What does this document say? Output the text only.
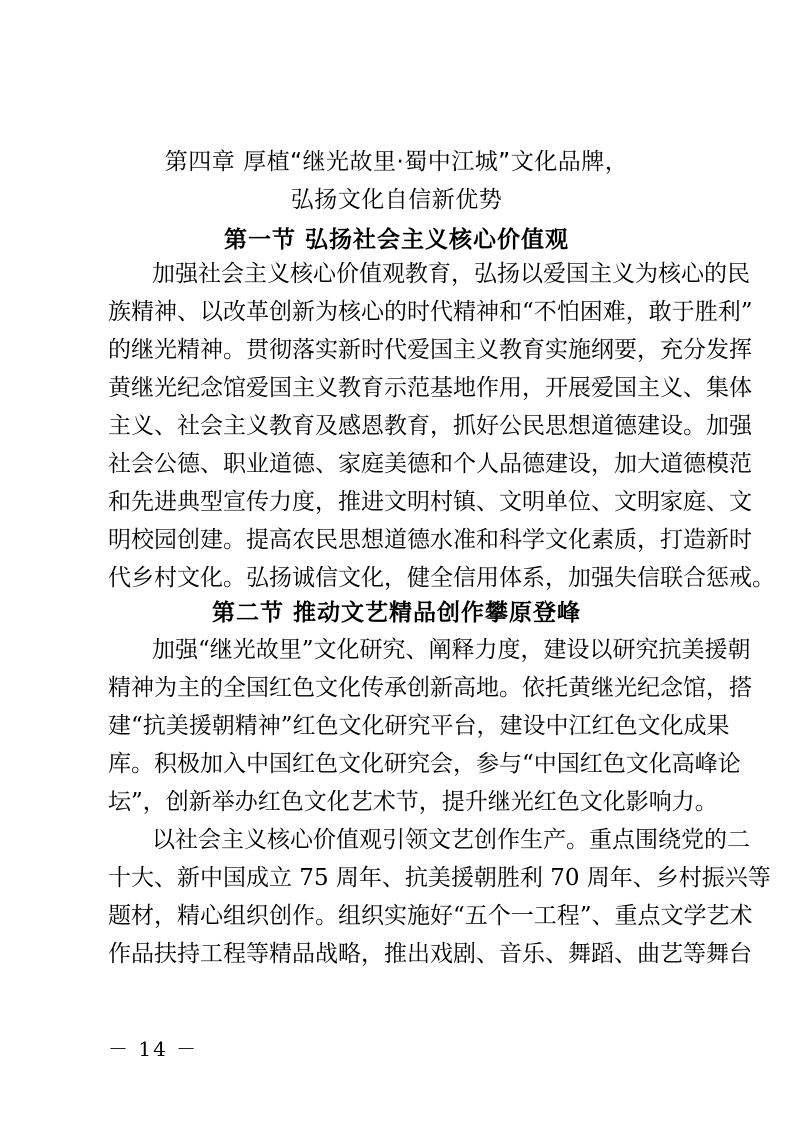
第四章 厚植“继光故里·蜀中江城”文化品牌，
弘扬文化自信新优势
第一节 弘扬社会主义核心价值观
加强社会主义核心价值观教育，弘扬以爱国主义为核心的民
族精神、以改革创新为核心的时代精神和“不怕困难，敢于胜利”
的继光精神。贯彻落实新时代爱国主义教育实施纲要，充分发挥
黄继光纪念馆爱国主义教育示范基地作用，开展爱国主义、集体
主义、社会主义教育及感恩教育，抓好公民思想道德建设。加强
社会公德、职业道德、家庭美德和个人品德建设，加大道德模范
和先进典型宣传力度，推进文明村镇、文明单位、文明家庭、文
明校园创建。提高农民思想道德水准和科学文化素质，打造新时
代乡村文化。弘扬诚信文化，健全信用体系，加强失信联合惩戒。
第二节 推动文艺精品创作攀原登峰
加强“继光故里”文化研究、阐释力度，建设以研究抗美援朝
精神为主的全国红色文化传承创新高地。依托黄继光纪念馆，搭
建“抗美援朝精神”红色文化研究平台，建设中江红色文化成果
库。积极加入中国红色文化研究会，参与“中国红色文化高峰论
坛”，创新举办红色文化艺术节，提升继光红色文化影响力。
以社会主义核心价值观引领文艺创作生产。重点围绕党的二
十大、新中国成立 75 周年、抗美援朝胜利 70 周年、乡村振兴等
题材，精心组织创作。组织实施好“五个一工程”、重点文学艺术
作品扶持工程等精品战略，推出戏剧、音乐、舞蹈、曲艺等舞台
－ 14 －
